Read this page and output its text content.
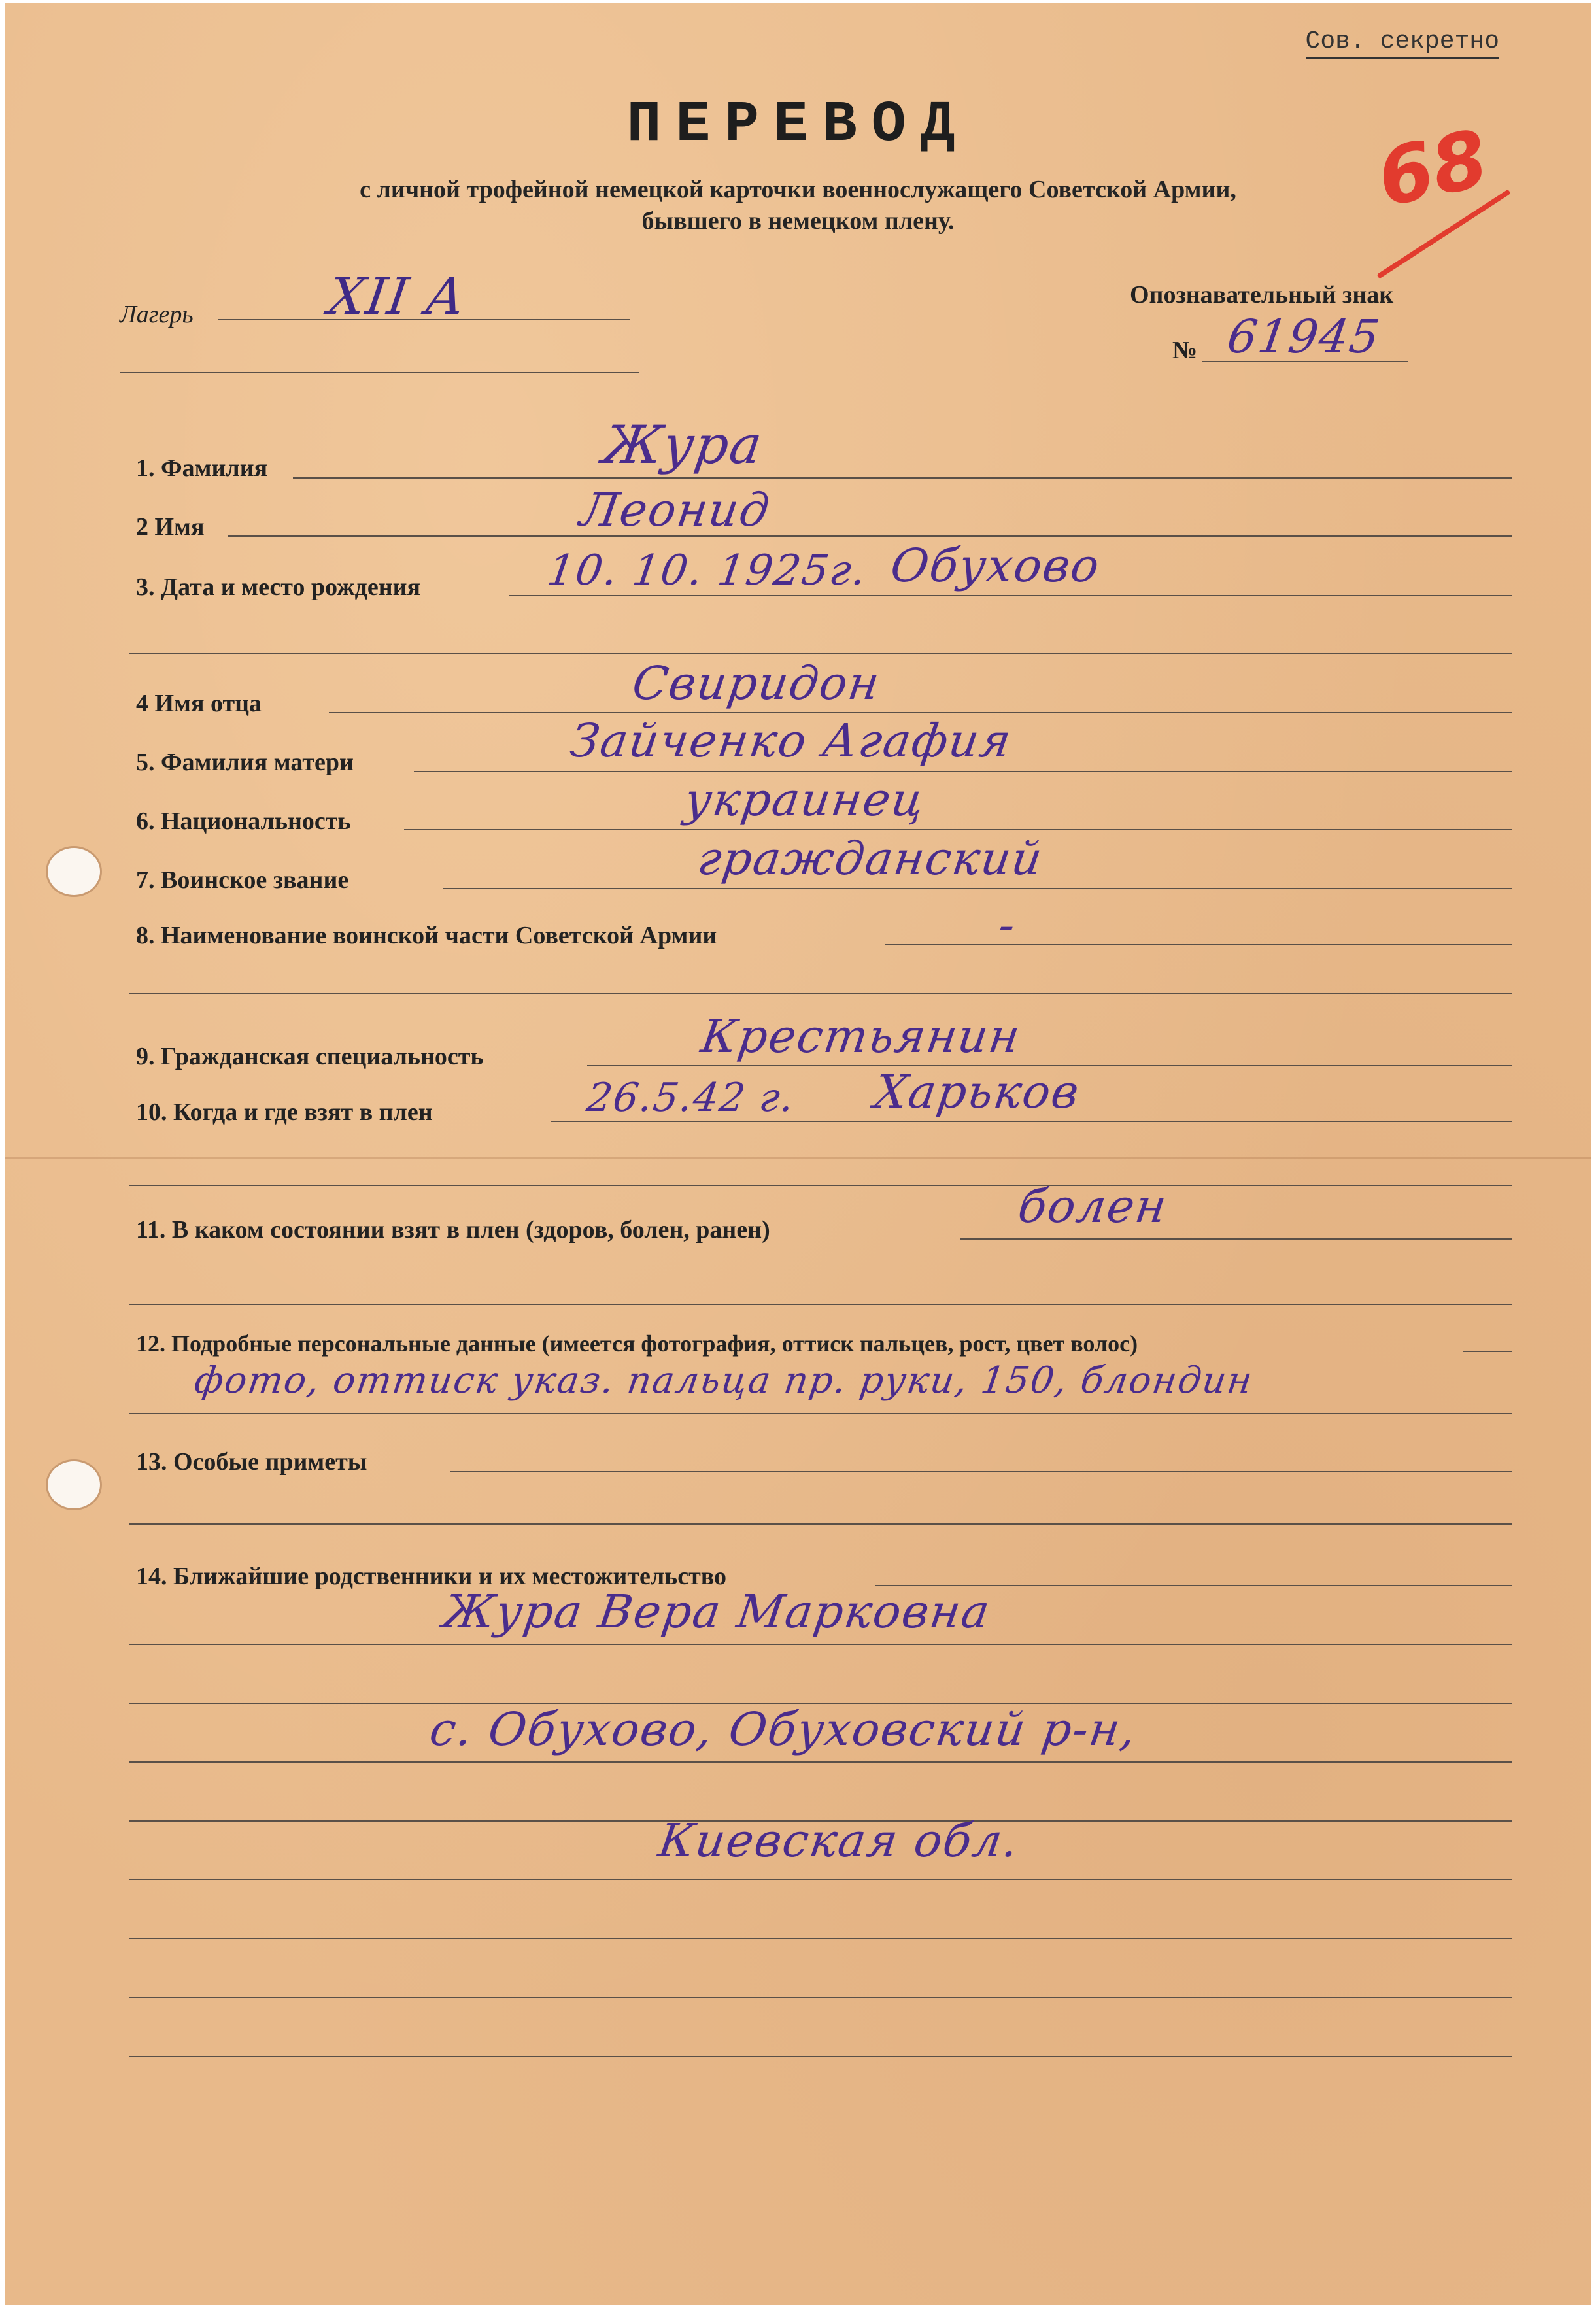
Сов. секретно
ПЕРЕВОД
с личной трофейной немецкой карточки военнослужащего Советской Армии,
бывшего в немецком плену.	68
Лагерь	XII A	Опознавательный знак
№ 61945
1. Фамилия	Жура
2 Имя	Леонид
3. Дата и место рождения	10. 10. 1925г. Обухово
4 Имя отца	Свиридон
5. Фамилия матери	Зайченко Агафия
6. Национальность	украинец
7. Воинское звание	гражданский
8. Наименование воинской части Советской Армии	-
9. Гражданская специальность	Крестьянин
10. Когда и где взят в плен	26.5.42 г. Харьков
11. В каком состоянии взят в плен (здоров, болен, ранен)	болен
12. Подробные персональные данные (имеется фотография, оттиск пальцев, рост, цвет волос)
фото, оттиск указ. пальца пр. руки, 150, блондин
13. Особые приметы
14. Ближайшие родственники и их местожительство
Жура Вера Марковна
с. Обухово, Обуховский р-н,
Киевская обл.
